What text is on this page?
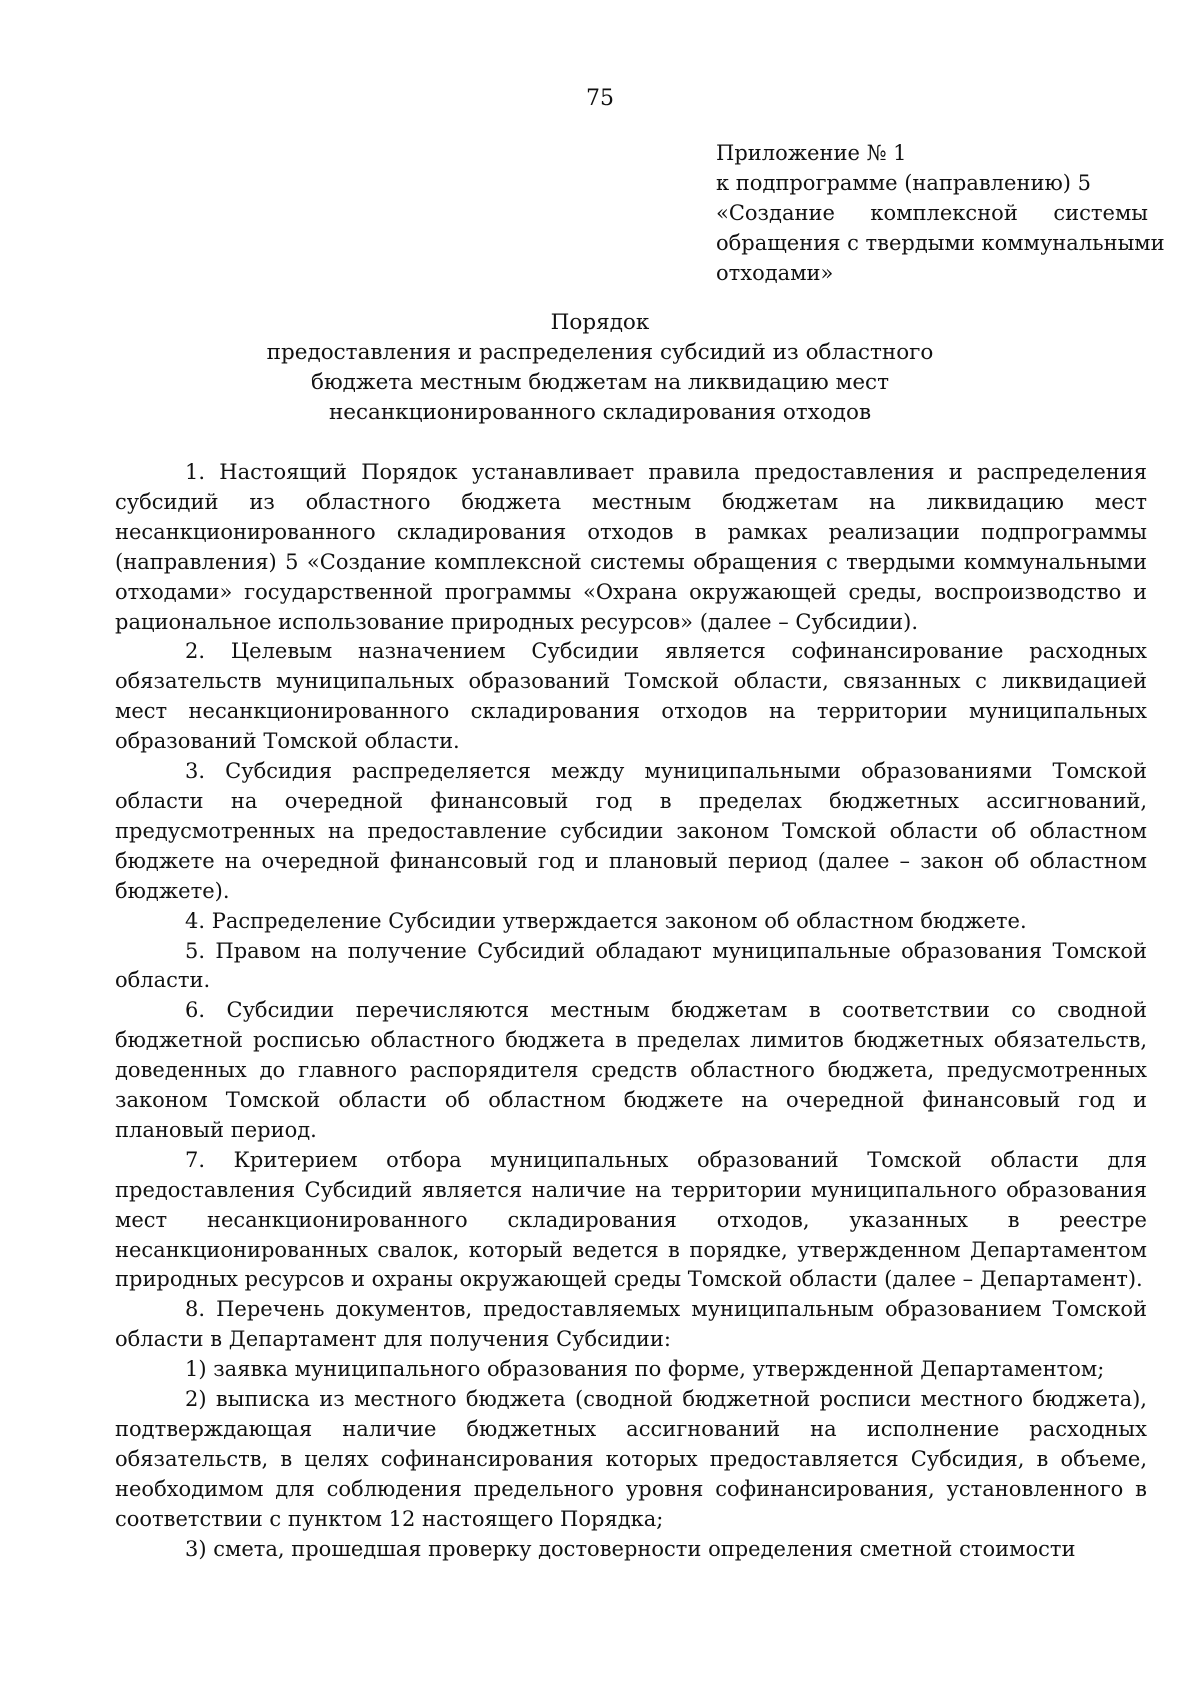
75
Приложение № 1
к подпрограмме (направлению) 5
«Создание комплексной системы
обращения с твердыми коммунальными
отходами»
Порядок
предоставления и распределения субсидий из областного
бюджета местным бюджетам на ликвидацию мест
несанкционированного складирования отходов

1. Настоящий Порядок устанавливает правила предоставления и распределения субсидий из областного бюджета местным бюджетам на ликвидацию мест несанкционированного складирования отходов в рамках реализации подпрограммы (направления) 5 «Создание комплексной системы обращения с твердыми коммунальными отходами» государственной программы «Охрана окружающей среды, воспроизводство и рациональное использование природных ресурсов» (далее – Субсидии).

2. Целевым назначением Субсидии является софинансирование расходных обязательств муниципальных образований Томской области, связанных с ликвидацией мест несанкционированного складирования отходов на территории муниципальных образований Томской области.

3. Субсидия распределяется между муниципальными образованиями Томской области на очередной финансовый год в пределах бюджетных ассигнований, предусмотренных на предоставление субсидии законом Томской области об областном бюджете на очередной финансовый год и плановый период (далее – закон об областном бюджете).

4. Распределение Субсидии утверждается законом об областном бюджете.

5. Правом на получение Субсидий обладают муниципальные образования Томской области.

6. Субсидии перечисляются местным бюджетам в соответствии со сводной бюджетной росписью областного бюджета в пределах лимитов бюджетных обязательств, доведенных до главного распорядителя средств областного бюджета, предусмотренных законом Томской области об областном бюджете на очередной финансовый год и плановый период.

7. Критерием отбора муниципальных образований Томской области для предоставления Субсидий является наличие на территории муниципального образования мест несанкционированного складирования отходов, указанных в реестре несанкционированных свалок, который ведется в порядке, утвержденном Департаментом природных ресурсов и охраны окружающей среды Томской области (далее – Департамент).

8. Перечень документов, предоставляемых муниципальным образованием Томской области в Департамент для получения Субсидии:

1) заявка муниципального образования по форме, утвержденной Департаментом;

2) выписка из местного бюджета (сводной бюджетной росписи местного бюджета), подтверждающая наличие бюджетных ассигнований на исполнение расходных обязательств, в целях софинансирования которых предоставляется Субсидия, в объеме, необходимом для соблюдения предельного уровня софинансирования, установленного в соответствии с пунктом 12 настоящего Порядка;

3) смета, прошедшая проверку достоверности определения сметной стоимости
